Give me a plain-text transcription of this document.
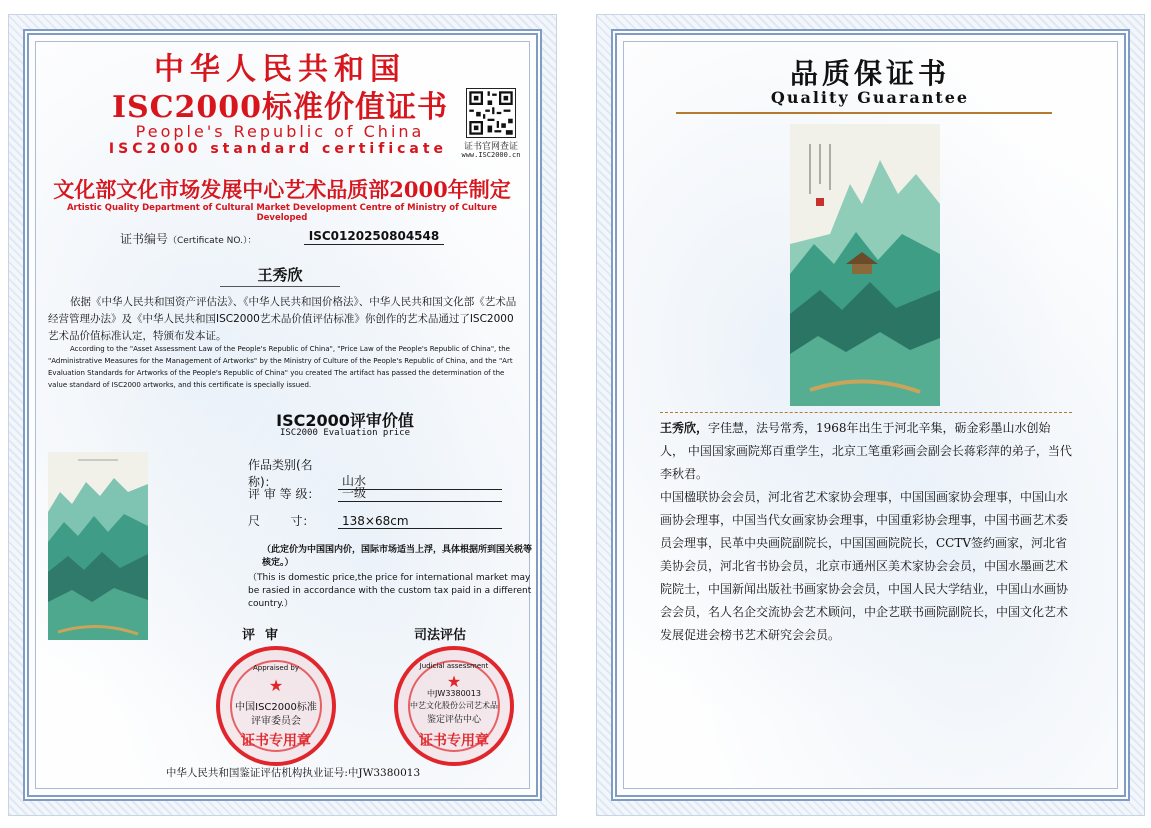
中华人民共和国
ISC2000标准价值证书
People's Republic of China
ISC2000 standard certificate	证书官网查证
www.ISC2000.cn
文化部文化市场发展中心艺术品质部2000年制定
Artistic Quality Department of Cultural Market Development Centre of Ministry of Culture Developed
证书编号（Certificate NO.）：	ISC0120250804548
王秀欣
依据《中华人民共和国资产评估法》、《中华人民共和国价格法》、中华人民共和国文化部《艺术品经营管理办法》及《中华人民共和国ISC2000艺术品价值评估标准》你创作的艺术品通过了ISC2000艺术品价值标准认定，特颁布发本证。
According to the "Asset Assessment Law of the People's Republic of China", "Price Law of the People's Republic of China", the "Administrative Measures for the Management of Artworks" by the Ministry of Culture of the People's Republic of China, and the "Art Evaluation Standards for Artworks of the People's Republic of China" you created The artifact has passed the determination of the value standard of ISC2000 artworks, and this certificate is specially issued.
ISC2000评审价值
ISC2000 Evaluation price
作品类别(名称)：	山水
评 审 等 级：	一级
尺        寸：	138×68cm
（此定价为中国国内价，国际市场适当上浮，具体根据所到国关税等核定。）
（This is domestic price,the price for international market may be rasied in accordance with the custom tax paid in a different country.）
评审	司法评估
Appraised by
★
中国ISC2000标准
评审委员会
证书专用章
Judicial assessment
★
中JW3380013
中艺文化股份公司艺术品
鉴定评估中心
证书专用章
中华人民共和国鉴证评估机构执业证号:中JW3380013
品质保证书
Quality Guarantee
王秀欣，字佳慧，法号常秀，1968年出生于河北辛集，砺金彩墨山水创始人， 中国国家画院郑百重学生，北京工笔重彩画会副会长蒋彩萍的弟子，当代李秋君。
中国楹联协会会员，河北省艺术家协会理事，中国国画家协会理事，中国山水画协会理事，中国当代女画家协会理事，中国重彩协会理事，中国书画艺术委员会理事，民革中央画院副院长，中国国画院院长，CCTV签约画家，河北省美协会员，河北省书协会员，北京市通州区美术家协会会员，中国水墨画艺术院院士，中国新闻出版社书画家协会会员，中国人民大学结业，中国山水画协会会员，名人名企交流协会艺术顾问，中企艺联书画院副院长，中国文化艺术发展促进会榜书艺术研究会会员。
